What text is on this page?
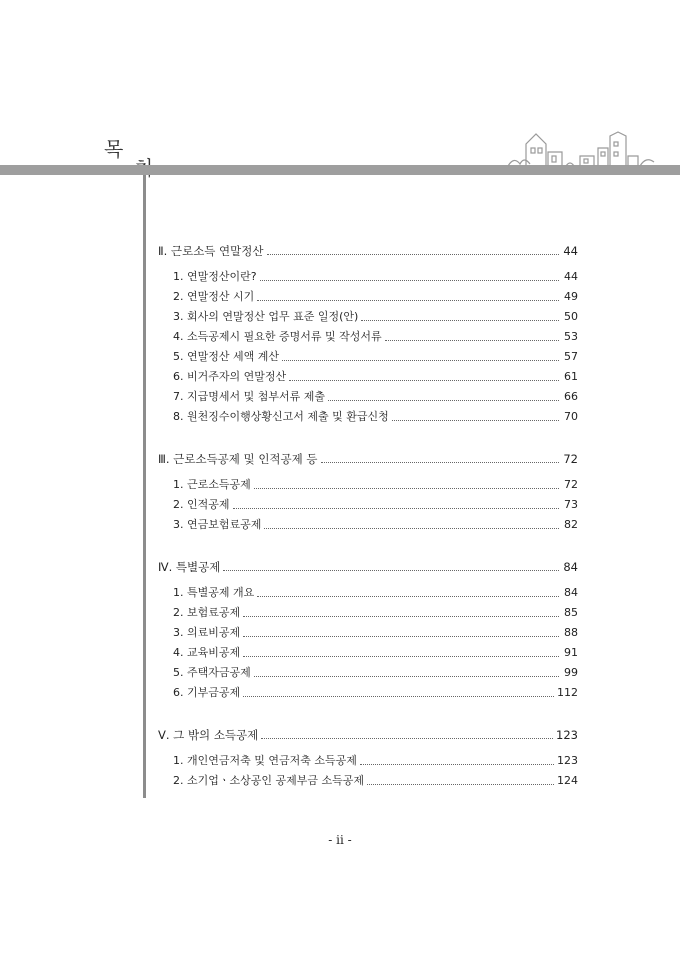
목
Ⅱ. 근로소득 연말정산	44
1. 연말정산이란?	44
2. 연말정산 시기	49
3. 회사의 연말정산 업무 표준 일정(안)	50
4. 소득공제시 필요한 증명서류 및 작성서류	53
5. 연말정산 세액 계산	57
6. 비거주자의 연말정산	61
7. 지급명세서 및 첨부서류 제출	66
8. 원천징수이행상황신고서 제출 및 환급신청	70
Ⅲ. 근로소득공제 및 인적공제 등	72
1. 근로소득공제	72
2. 인적공제	73
3. 연금보험료공제	82
Ⅳ. 특별공제	84
1. 특별공제 개요	84
2. 보험료공제	85
3. 의료비공제	88
4. 교육비공제	91
5. 주택자금공제	99
6. 기부금공제	112
Ⅴ. 그 밖의 소득공제	123
1. 개인연금저축 및 연금저축 소득공제	123
2. 소기업ㆍ소상공인 공제부금 소득공제	124
- ii -
